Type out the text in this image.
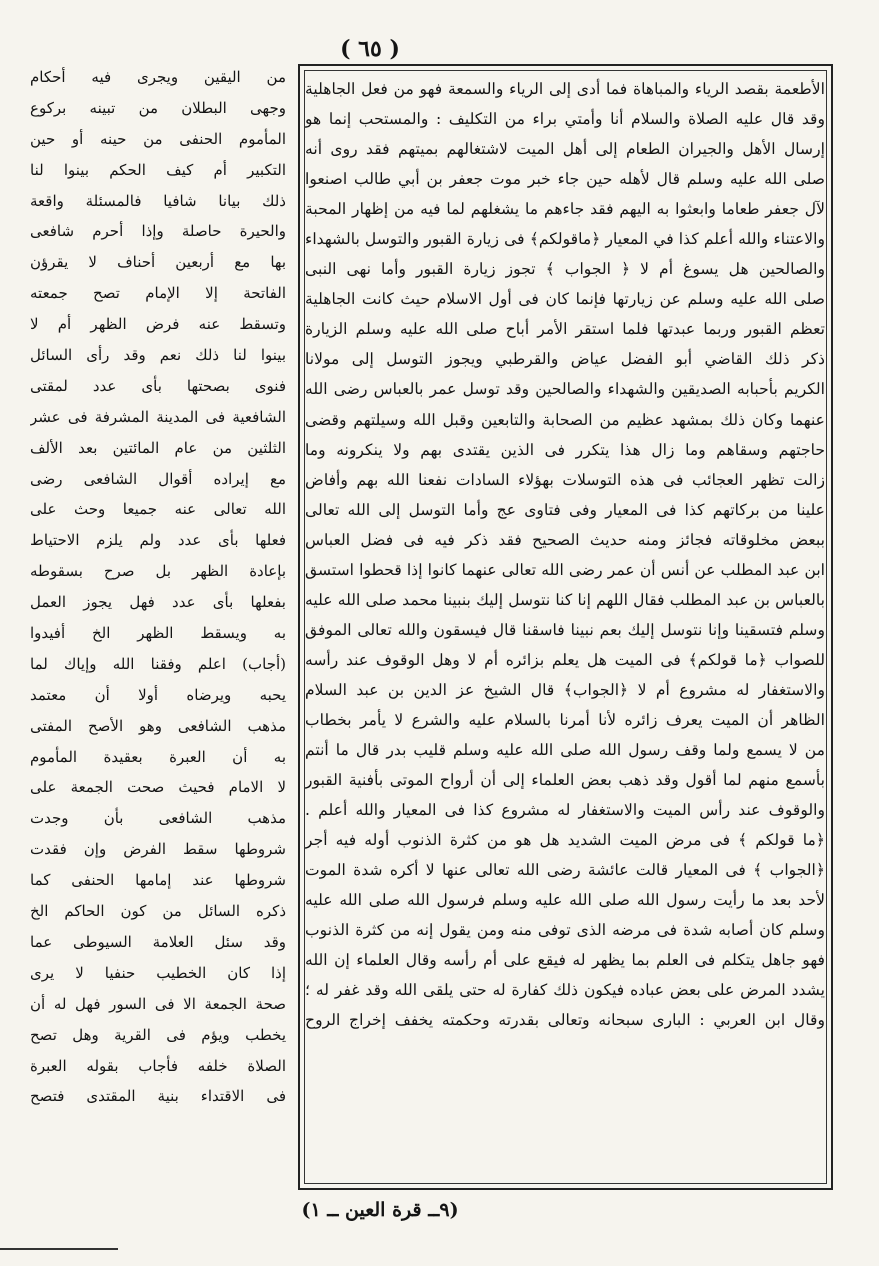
( ٦٥ )
الأطعمة بقصد الرياء والمباهاة فما أدى إلى الرياء والسمعة فهو من فعل الجاهلية
وقد قال عليه الصلاة والسلام أنا وأمتي براء من التكليف : والمستحب إنما هو
إرسال الأهل والجيران الطعام إلى أهل الميت لاشتغالهم بميتهم فقد روى أنه
صلى الله عليه وسلم قال لأهله حين جاء خبر موت جعفر بن أبي طالب اصنعوا
لآل جعفر طعاما وابعثوا به اليهم فقد جاءهم ما يشغلهم لما فيه من إظهار المحبة
والاعتناء والله أعلم كذا في المعيار ﴿ماقولكم﴾ فى زيارة القبور والتوسل بالشهداء
والصالحين هل يسوغ أم لا ﴿ الجواب ﴾ تجوز زيارة القبور وأما نهى النبى
صلى الله عليه وسلم عن زيارتها فإنما كان فى أول الاسلام حيث كانت الجاهلية
تعظم القبور وربما عبدتها فلما استقر الأمر أباح صلى الله عليه وسلم الزيارة
ذكر ذلك القاضي أبو الفضل عياض والقرطبي ويجوز التوسل إلى مولانا
الكريم بأحبابه الصديقين والشهداء والصالحين وقد توسل عمر بالعباس رضى الله
عنهما وكان ذلك بمشهد عظيم من الصحابة والتابعين وقبل الله وسيلتهم وقضى
حاجتهم وسقاهم وما زال هذا يتكرر فى الذين يقتدى بهم ولا ينكرونه وما
زالت تظهر العجائب فى هذه التوسلات بهؤلاء السادات نفعنا الله بهم وأفاض
علينا من بركاتهم كذا فى المعيار وفى فتاوى عج وأما التوسل إلى الله تعالى
ببعض مخلوقاته فجائز ومنه حديث الصحيح فقد ذكر فيه فى فضل العباس
ابن عبد المطلب عن أنس أن عمر رضى الله تعالى عنهما كانوا إذا قحطوا استسق
بالعباس بن عبد المطلب فقال اللهم إنا كنا نتوسل إليك بنبينا محمد صلى الله عليه
وسلم فتسقينا وإنا نتوسل إليك بعم نبينا فاسقنا قال فيسقون والله تعالى الموفق
للصواب ﴿ما قولكم﴾ فى الميت هل يعلم بزائره أم لا وهل الوقوف عند رأسه
والاستغفار له مشروع أم لا ﴿الجواب﴾ قال الشيخ عز الدين بن عبد السلام
الظاهر أن الميت يعرف زائره لأنا أمرنا بالسلام عليه والشرع لا يأمر بخطاب
من لا يسمع ولما وقف رسول الله صلى الله عليه وسلم قليب بدر قال ما أنتم
بأسمع منهم لما أقول وقد ذهب بعض العلماء إلى أن أرواح الموتى بأفنية القبور
والوقوف عند رأس الميت والاستغفار له مشروع كذا فى المعيار والله أعلم .
﴿ما قولكم ﴾ فى مرض الميت الشديد هل هو من كثرة الذنوب أوله فيه أجر
﴿الجواب ﴾ فى المعيار قالت عائشة رضى الله تعالى عنها لا أكره شدة الموت
لأحد بعد ما رأيت رسول الله صلى الله عليه وسلم فرسول الله صلى الله عليه
وسلم كان أصابه شدة فى مرضه الذى توفى منه ومن يقول إنه من كثرة الذنوب
فهو جاهل يتكلم فى العلم بما يظهر له فيقع على أم رأسه وقال العلماء إن الله
يشدد المرض على بعض عباده فيكون ذلك كفارة له حتى يلقى الله وقد غفر له ؛
وقال ابن العربي : البارى سبحانه وتعالى بقدرته وحكمته يخفف إخراج الروح
من اليقين ويجرى فيه أحكام
وجهى البطلان من تبينه بركوع
المأموم الحنفى من حينه أو حين
التكبير أم كيف الحكم بينوا لنا
ذلك بيانا شافيا فالمسئلة واقعة
والحيرة حاصلة وإذا أحرم شافعى
بها مع أربعين أحناف لا يقرؤن
الفاتحة إلا الإمام تصح جمعته
وتسقط عنه فرض الظهر أم لا
بينوا لنا ذلك نعم وقد رأى السائل
فنوى بصحتها بأى عدد لمقتى
الشافعية فى المدينة المشرفة فى عشر
الثلثين من عام المائتين بعد الألف
مع إيراده أقوال الشافعى رضى
الله تعالى عنه جميعا وحث على
فعلها بأى عدد ولم يلزم الاحتياط
بإعادة الظهر بل صرح بسقوطه
بفعلها بأى عدد فهل يجوز العمل
به ويسقط الظهر الخ أفيدوا
(أجاب) اعلم وفقنا الله وإياك لما
يحبه ويرضاه أولا أن معتمد
مذهب الشافعى وهو الأصح المفتى
به أن العبرة بعقيدة المأموم
لا الامام فحيث صحت الجمعة على
مذهب الشافعى بأن وجدت
شروطها سقط الفرض وإن فقدت
شروطها عند إمامها الحنفى كما
ذكره السائل من كون الحاكم الخ
وقد سئل العلامة السيوطى عما
إذا كان الخطيب حنفيا لا يرى
صحة الجمعة الا فى السور فهل له أن
يخطب ويؤم فى القرية وهل تصح
الصلاة خلفه فأجاب بقوله العبرة
فى الاقتداء بنية المقتدى فتصح
(٩ــ قرة العين ــ ١)
